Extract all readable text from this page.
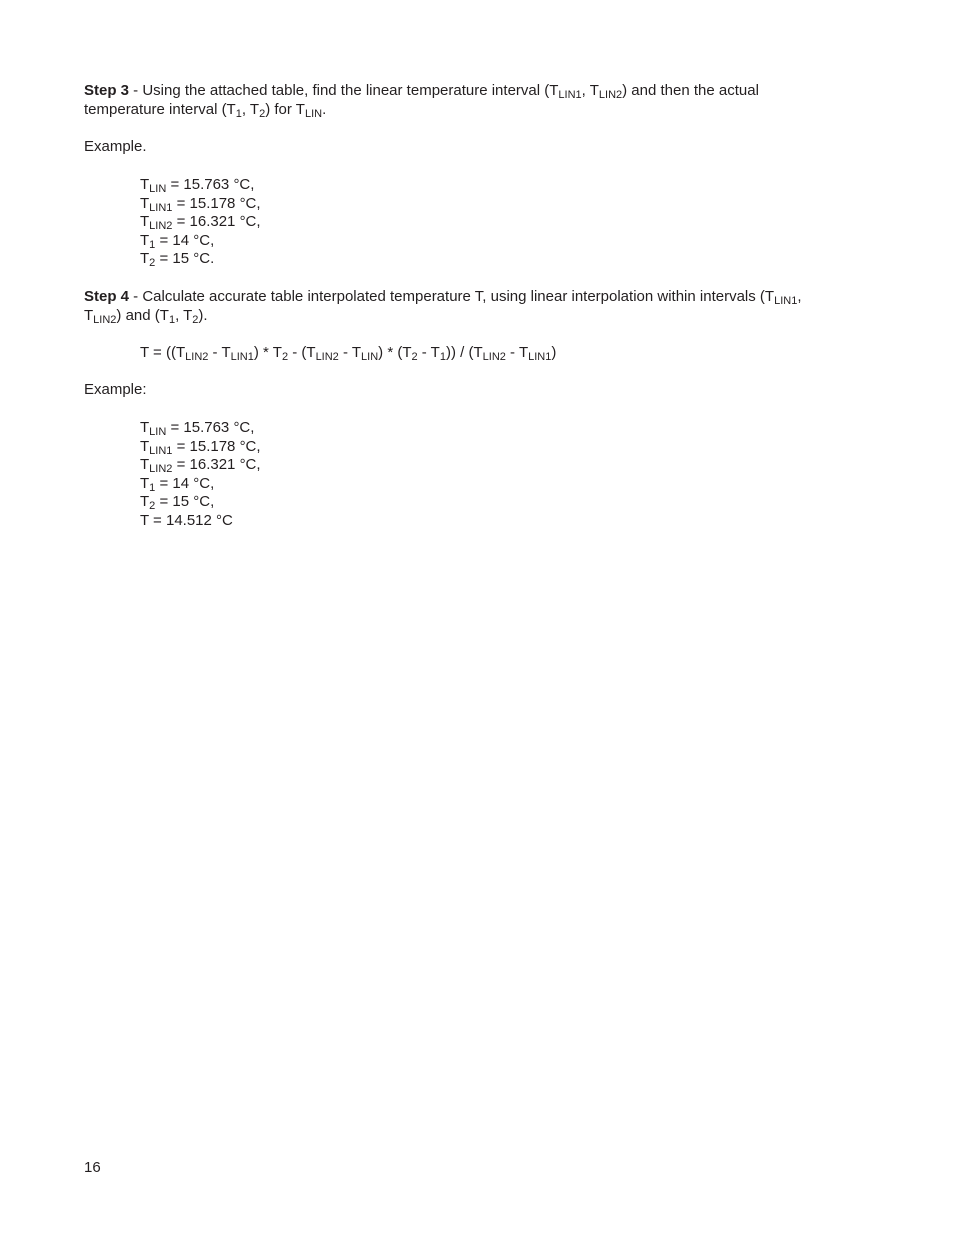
Step 3 - Using the attached table, find the linear temperature interval ($T_{LIN1}$, $T_{LIN2}$) and then the actual
temperature interval ($T_1$, $T_2$) for $T_{LIN}$.

Example.

$T_{LIN} = 15.763$ °C,
$T_{LIN1} = 15.178$ °C,
$T_{LIN2} = 16.321$ °C,
$T_1 = 14$ °C,
$T_2 = 15$ °C.

Step 4 - Calculate accurate table interpolated temperature T, using linear interpolation within intervals ($T_{LIN1}$,
$T_{LIN2}$) and ($T_1$, $T_2$).

$T = ((T_{LIN2} - T_{LIN1}) * T_2 - (T_{LIN2} - T_{LIN}) * (T_2 - T_1)) / (T_{LIN2} - T_{LIN1})$

Example:

$T_{LIN} = 15.763$ °C,
$T_{LIN1} = 15.178$ °C,
$T_{LIN2} = 16.321$ °C,
$T_1 = 14$ °C,
$T_2 = 15$ °C,
T = 14.512 °C
16
